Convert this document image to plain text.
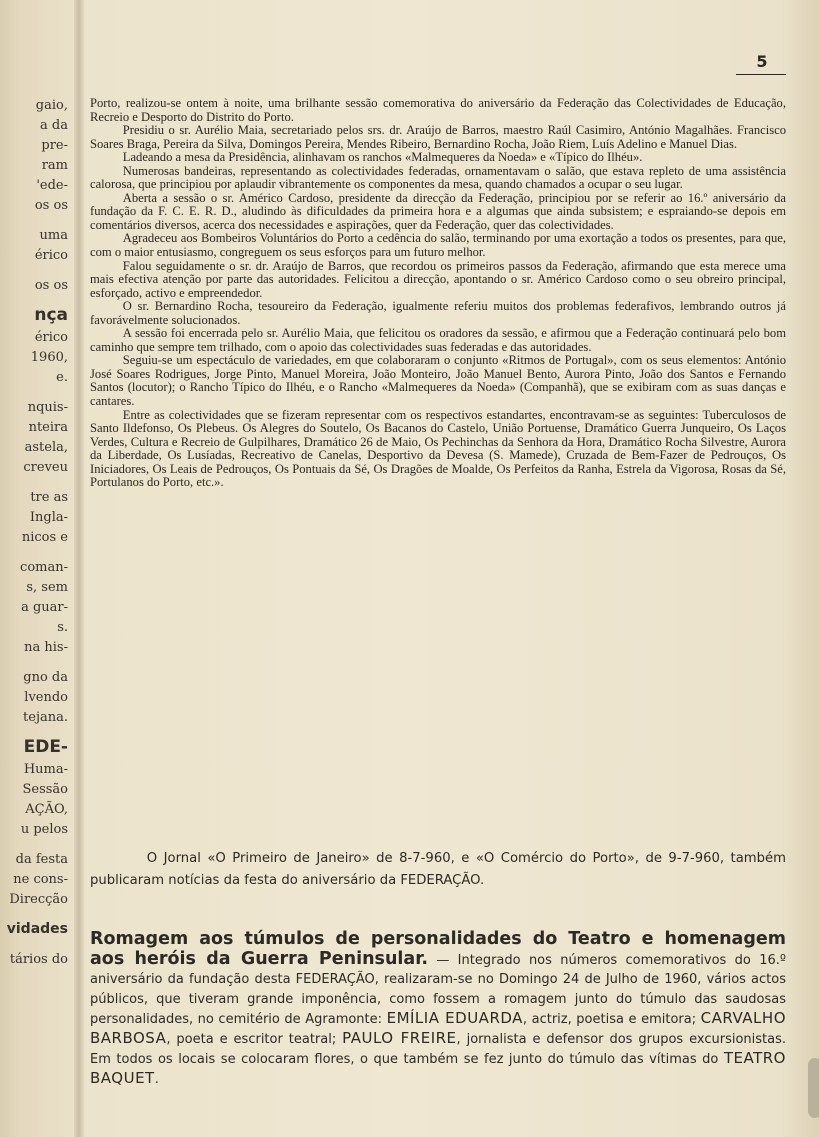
gaio,
a da
pre-
ram
'ede-
os os
uma
érico
os os
nça
érico
1960,
e.
nquis-
nteira
astela,
creveu
tre as
Ingla-
nicos e
coman-
s, sem
a guar-
s.
na his-
gno da
lvendo
tejana.
EDE-
Huma-
Sessão
AÇÃO,
u pelos
da festa
ne cons-
Direcção
vidades
tários do
5

Porto, realizou-se ontem à noite, uma brilhante sessão comemorativa do aniversário da Federação das Colectividades de Educação, Recreio e Desporto do Distrito do Porto.

Presidiu o sr. Aurélio Maia, secretariado pelos srs. dr. Araújo de Barros, maestro Raúl Casimiro, António Magalhães. Francisco Soares Braga, Pereira da Silva, Domingos Pereira, Mendes Ribeiro, Bernardino Rocha, João Riem, Luís Adelino e Manuel Dias.

Ladeando a mesa da Presidência, alinhavam os ranchos «Malmequeres da Noeda» e «Típico do Ilhéu».

Numerosas bandeiras, representando as colectividades federadas, ornamentavam o salão, que estava repleto de uma assistência calorosa, que principiou por aplaudir vibrantemente os componentes da mesa, quando chamados a ocupar o seu lugar.

Aberta a sessão o sr. Américo Cardoso, presidente da direcção da Federação, principiou por se referir ao 16.º aniversário da fundação da F. C. E. R. D., aludindo às dificuldades da primeira hora e a algumas que ainda subsistem; e espraiando-se depois em comentários diversos, acerca dos necessidades e aspirações, quer da Federação, quer das colectividades.

Agradeceu aos Bombeiros Voluntários do Porto a cedência do salão, terminando por uma exortação a todos os presentes, para que, com o maior entusiasmo, congreguem os seus esforços para um futuro melhor.

Falou seguidamente o sr. dr. Araújo de Barros, que recordou os primeiros passos da Federação, afirmando que esta merece uma mais efectiva atenção por parte das autoridades. Felicitou a direcção, apontando o sr. Américo Cardoso como o seu obreiro principal, esforçado, activo e empreendedor.

O sr. Bernardino Rocha, tesoureiro da Federação, igualmente referiu muitos dos problemas federafivos, lembrando outros já favorávelmente solucionados.

A sessão foi encerrada pelo sr. Aurélio Maia, que felicitou os oradores da sessão, e afirmou que a Federação continuará pelo bom caminho que sempre tem trilhado, com o apoio das colectividades suas federadas e das autoridades.

Seguiu-se um espectáculo de variedades, em que colaboraram o conjunto «Ritmos de Portugal», com os seus elementos: António José Soares Rodrigues, Jorge Pinto, Manuel Moreira, João Monteiro, João Manuel Bento, Aurora Pinto, João dos Santos e Fernando Santos (locutor); o Rancho Típico do Ilhéu, e o Rancho «Malmequeres da Noeda» (Companhã), que se exibiram com as suas danças e cantares.

Entre as colectividades que se fizeram representar com os respectivos estandartes, encontravam-se as seguintes: Tuberculosos de Santo Ildefonso, Os Plebeus. Os Alegres do Soutelo, Os Bacanos do Castelo, União Portuense, Dramático Guerra Junqueiro, Os Laços Verdes, Cultura e Recreio de Gulpilhares, Dramático 26 de Maio, Os Pechinchas da Senhora da Hora, Dramático Rocha Silvestre, Aurora da Liberdade, Os Lusíadas, Recreativo de Canelas, Desportivo da Devesa (S. Mamede), Cruzada de Bem-Fazer de Pedrouços, Os Iniciadores, Os Leais de Pedrouços, Os Pontuais da Sé, Os Dragões de Moalde, Os Perfeitos da Ranha, Estrela da Vigorosa, Rosas da Sé, Portulanos do Porto, etc.».

O Jornal «O Primeiro de Janeiro» de 8-7-960, e «O Comércio do Porto», de 9-7-960, também publicaram notícias da festa do aniversário da FEDERAÇÃO.

Romagem aos túmulos de personalidades do Teatro e homenagem aos heróis da Guerra Peninsular. — Integrado nos números comemorativos do 16.º aniversário da fundação desta FEDERAÇÃO, realizaram-se no Domingo 24 de Julho de 1960, vários actos públicos, que tiveram grande imponência, como fossem a romagem junto do túmulo das saudosas personalidades, no cemitério de Agramonte: EMÍLIA EDUARDA, actriz, poetisa e emitora; CARVALHO BARBOSA, poeta e escritor teatral; PAULO FREIRE, jornalista e defensor dos grupos excursionistas. Em todos os locais se colocaram flores, o que também se fez junto do túmulo das vítimas do TEATRO BAQUET.
